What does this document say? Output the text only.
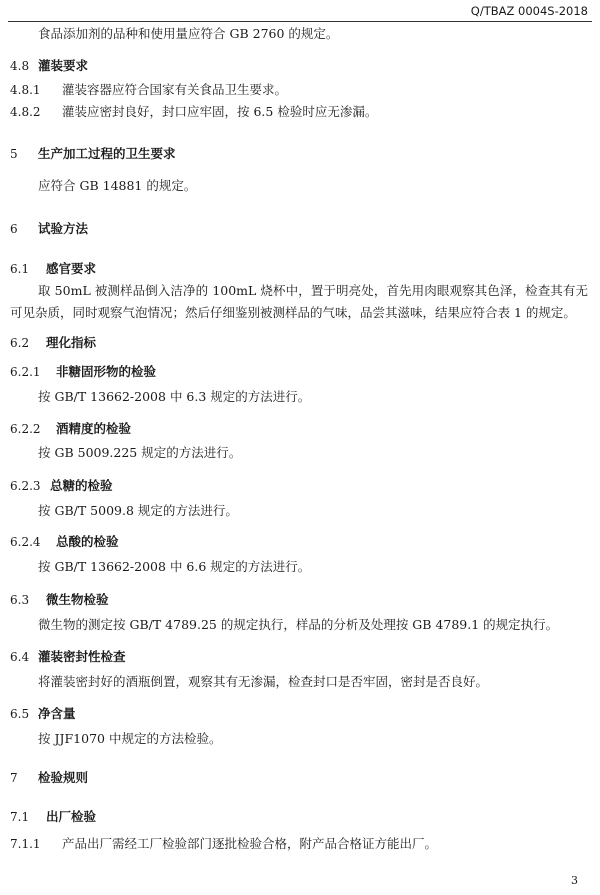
Q/TBAZ 0004S-2018
食品添加剂的品种和使用量应符合 GB 2760 的规定。
4.8 灌装要求
4.8.1 灌装容器应符合国家有关食品卫生要求。
4.8.2 灌装应密封良好，封口应牢固，按 6.5 检验时应无渗漏。
5 生产加工过程的卫生要求
应符合 GB 14881 的规定。
6 试验方法
6.1 感官要求
取 50mL 被测样品倒入洁净的 100mL 烧杯中，置于明亮处，首先用肉眼观察其色泽，检查其有无可见杂质，同时观察气泡情况；然后仔细鉴别被测样品的气味，品尝其滋味，结果应符合表 1 的规定。
6.2 理化指标
6.2.1 非糖固形物的检验
按 GB/T 13662-2008 中 6.3 规定的方法进行。
6.2.2 酒精度的检验
按 GB 5009.225 规定的方法进行。
6.2.3 总糖的检验
按 GB/T 5009.8 规定的方法进行。
6.2.4 总酸的检验
按 GB/T 13662-2008 中 6.6 规定的方法进行。
6.3 微生物检验
微生物的测定按 GB/T 4789.25 的规定执行，样品的分析及处理按 GB 4789.1 的规定执行。
6.4 灌装密封性检查
将灌装密封好的酒瓶倒置，观察其有无渗漏，检查封口是否牢固，密封是否良好。
6.5 净含量
按 JJF1070 中规定的方法检验。
7 检验规则
7.1 出厂检验
7.1.1 产品出厂需经工厂检验部门逐批检验合格，附产品合格证方能出厂。
3
